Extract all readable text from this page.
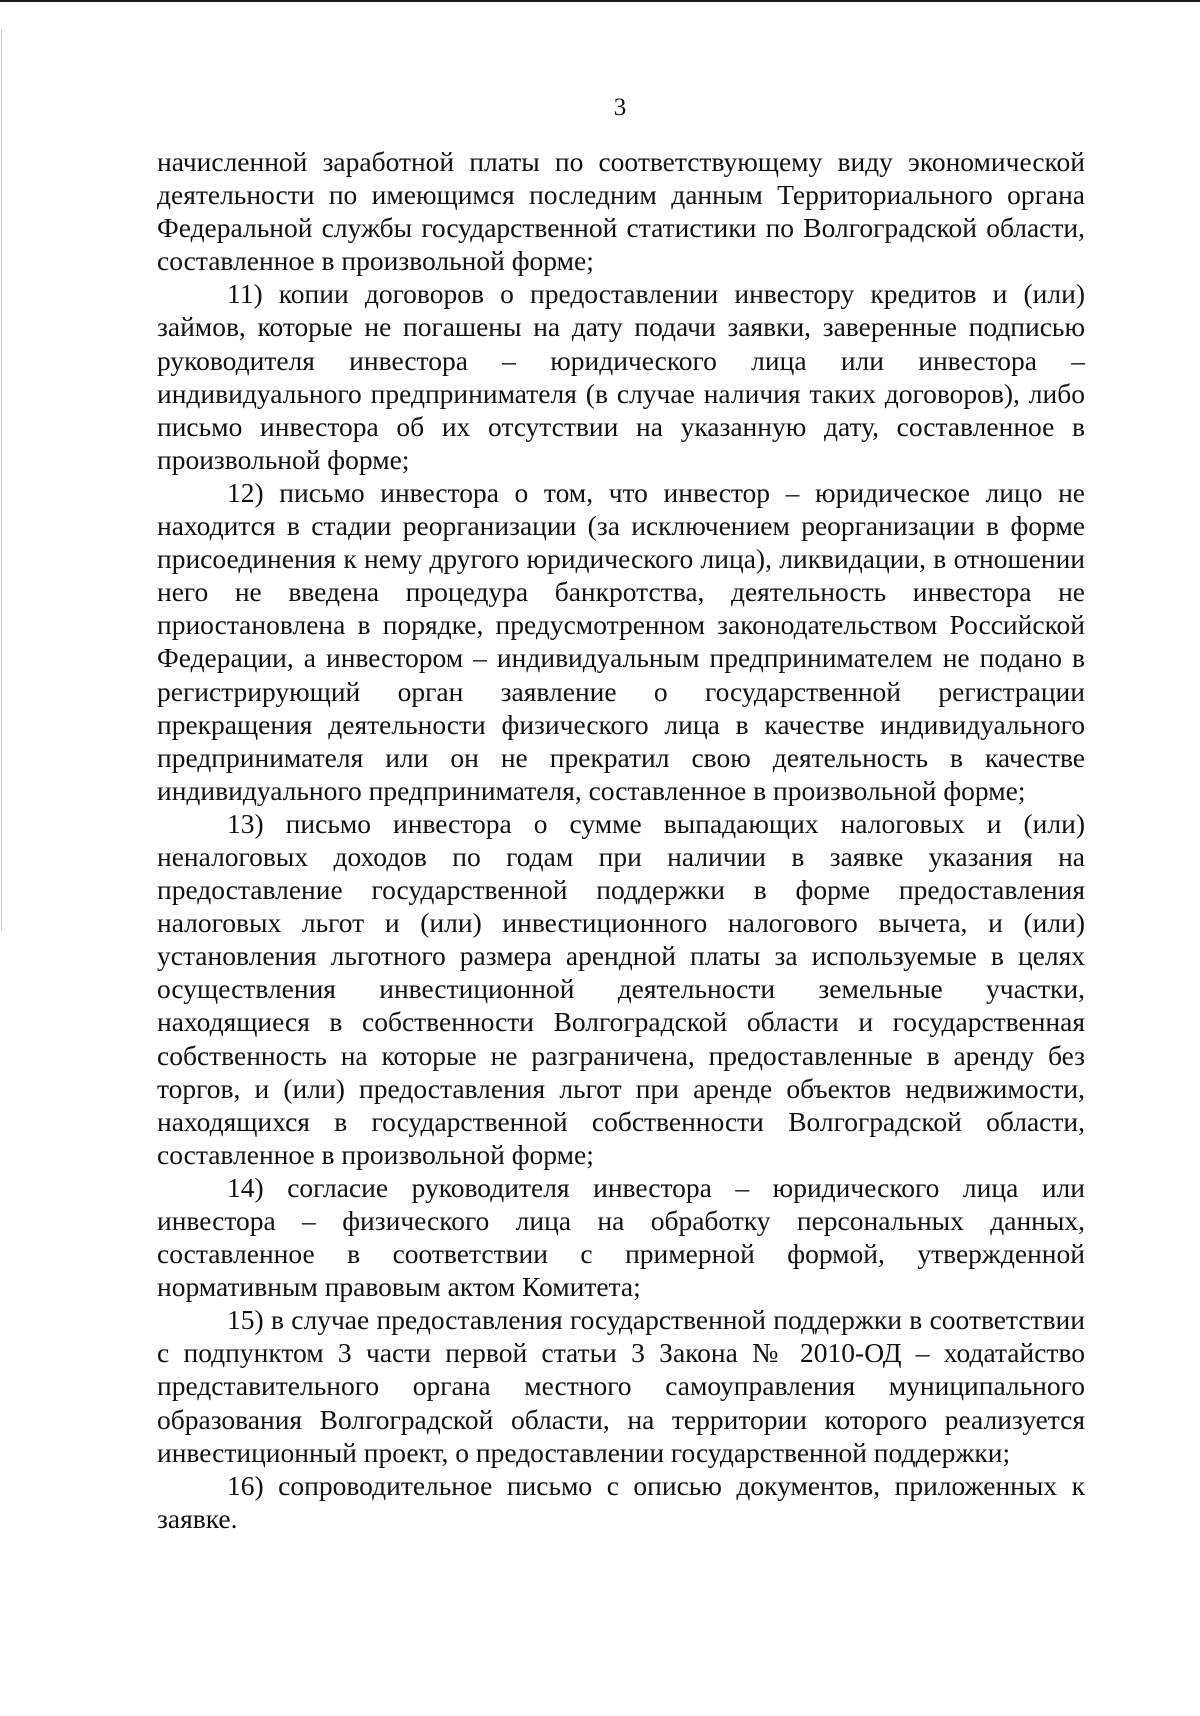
3

начисленной заработной платы по соответствующему виду экономической деятельности по имеющимся последним данным Территориального органа Федеральной службы государственной статистики по Волгоградской области, составленное в произвольной форме;

11) копии договоров о предоставлении инвестору кредитов и (или) займов, которые не погашены на дату подачи заявки, заверенные подписью руководителя инвестора – юридического лица или инвестора – индивидуального предпринимателя (в случае наличия таких договоров), либо письмо инвестора об их отсутствии на указанную дату, составленное в произвольной форме;

12) письмо инвестора о том, что инвестор – юридическое лицо не находится в стадии реорганизации (за исключением реорганизации в форме присоединения к нему другого юридического лица), ликвидации, в отношении него не введена процедура банкротства, деятельность инвестора не приостановлена в порядке, предусмотренном законодательством Российской Федерации, а инвестором – индивидуальным предпринимателем не подано в регистрирующий орган заявление о государственной регистрации прекращения деятельности физического лица в качестве индивидуального предпринимателя или он не прекратил свою деятельность в качестве индивидуального предпринимателя, составленное в произвольной форме;

13) письмо инвестора о сумме выпадающих налоговых и (или) неналоговых доходов по годам при наличии в заявке указания на предоставление государственной поддержки в форме предоставления налоговых льгот и (или) инвестиционного налогового вычета, и (или) установления льготного размера арендной платы за используемые в целях осуществления инвестиционной деятельности земельные участки, находящиеся в собственности Волгоградской области и государственная собственность на которые не разграничена, предоставленные в аренду без торгов, и (или) предоставления льгот при аренде объектов недвижимости, находящихся в государственной собственности Волгоградской области, составленное в произвольной форме;

14) согласие руководителя инвестора – юридического лица или инвестора – физического лица на обработку персональных данных, составленное в соответствии с примерной формой, утвержденной нормативным правовым актом Комитета;

15) в случае предоставления государственной поддержки в соответствии с подпунктом 3 части первой статьи 3 Закона № 2010-ОД – ходатайство представительного органа местного самоуправления муниципального образования Волгоградской области, на территории которого реализуется инвестиционный проект, о предоставлении государственной поддержки;

16) сопроводительное письмо с описью документов, приложенных к заявке.
